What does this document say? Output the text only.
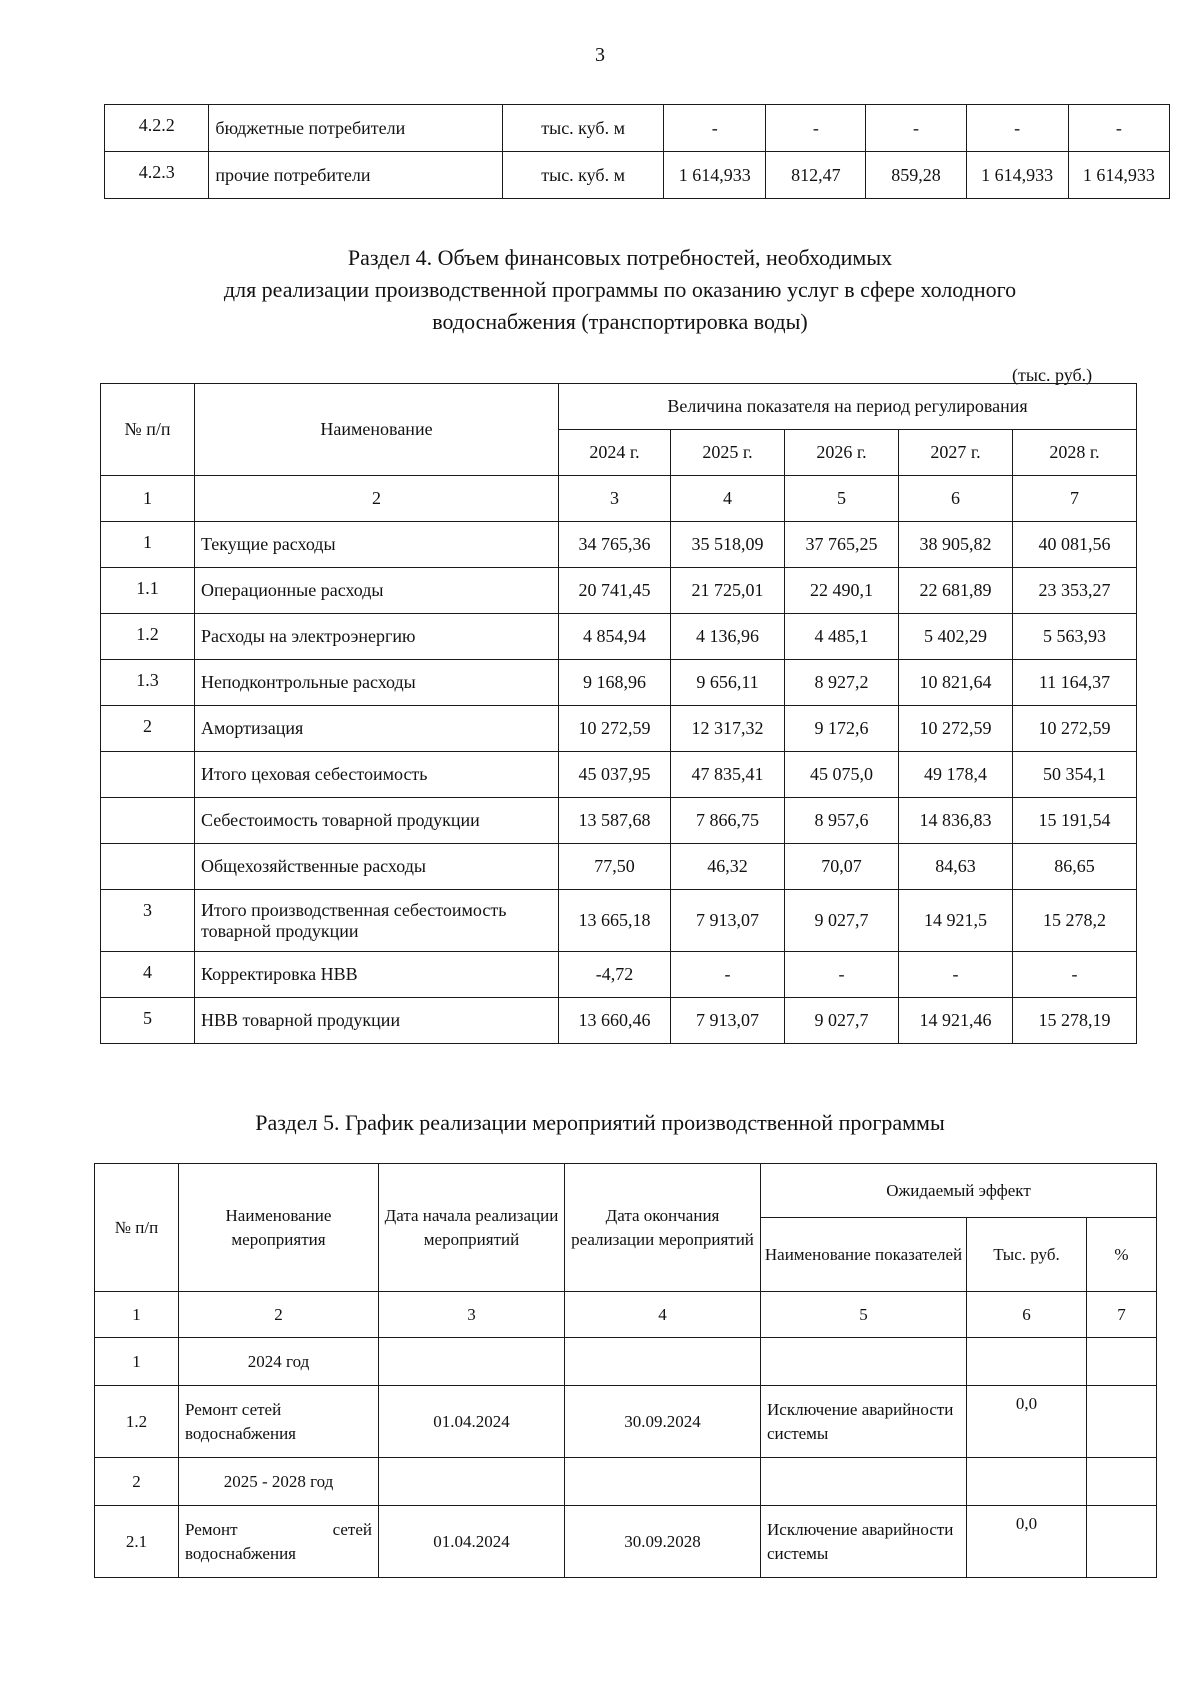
3
4.2.2	бюджетные потребители	тыс. куб. м	-	-	-	-	-
4.2.3	прочие потребители	тыс. куб. м	1 614,933	812,47	859,28	1 614,933	1 614,933
Раздел 4. Объем финансовых потребностей, необходимых
для реализации производственной программы по оказанию услуг в сфере холодного
водоснабжения (транспортировка воды)
(тыс. руб.)
№ п/п	Наименование	Величина показателя на период регулирования				
		2024 г.	2025 г.	2026 г.	2027 г.	2028 г.
1	2	3	4	5	6	7
1	Текущие расходы	34 765,36	35 518,09	37 765,25	38 905,82	40 081,56
1.1	Операционные расходы	20 741,45	21 725,01	22 490,1	22 681,89	23 353,27
1.2	Расходы на электроэнергию	4 854,94	4 136,96	4 485,1	5 402,29	5 563,93
1.3	Неподконтрольные расходы	9 168,96	9 656,11	8 927,2	10 821,64	11 164,37
2	Амортизация	10 272,59	12 317,32	9 172,6	10 272,59	10 272,59
	Итого цеховая себестоимость	45 037,95	47 835,41	45 075,0	49 178,4	50 354,1
	Себестоимость товарной продукции	13 587,68	7 866,75	8 957,6	14 836,83	15 191,54
	Общехозяйственные расходы	77,50	46,32	70,07	84,63	86,65
3	Итого производственная себестоимость товарной продукции	13 665,18	7 913,07	9 027,7	14 921,5	15 278,2
4	Корректировка НВВ	-4,72	-	-	-	-
5	НВВ товарной продукции	13 660,46	7 913,07	9 027,7	14 921,46	15 278,19
Раздел 5. График реализации мероприятий производственной программы
№ п/п	Наименование мероприятия	Дата начала реализации мероприятий	Дата окончания реализации мероприятий	Ожидаемый эффект		
				Наименование показателей	Тыс. руб.	%
1	2	3	4	5	6	7
1	2024 год					
1.2	Ремонт сетей водоснабжения	01.04.2024	30.09.2024	Исключение аварийности системы	0,0	
2	2025 - 2028 год					
2.1	Ремонт сетей водоснабжения	01.04.2024	30.09.2028	Исключение аварийности системы	0,0	
